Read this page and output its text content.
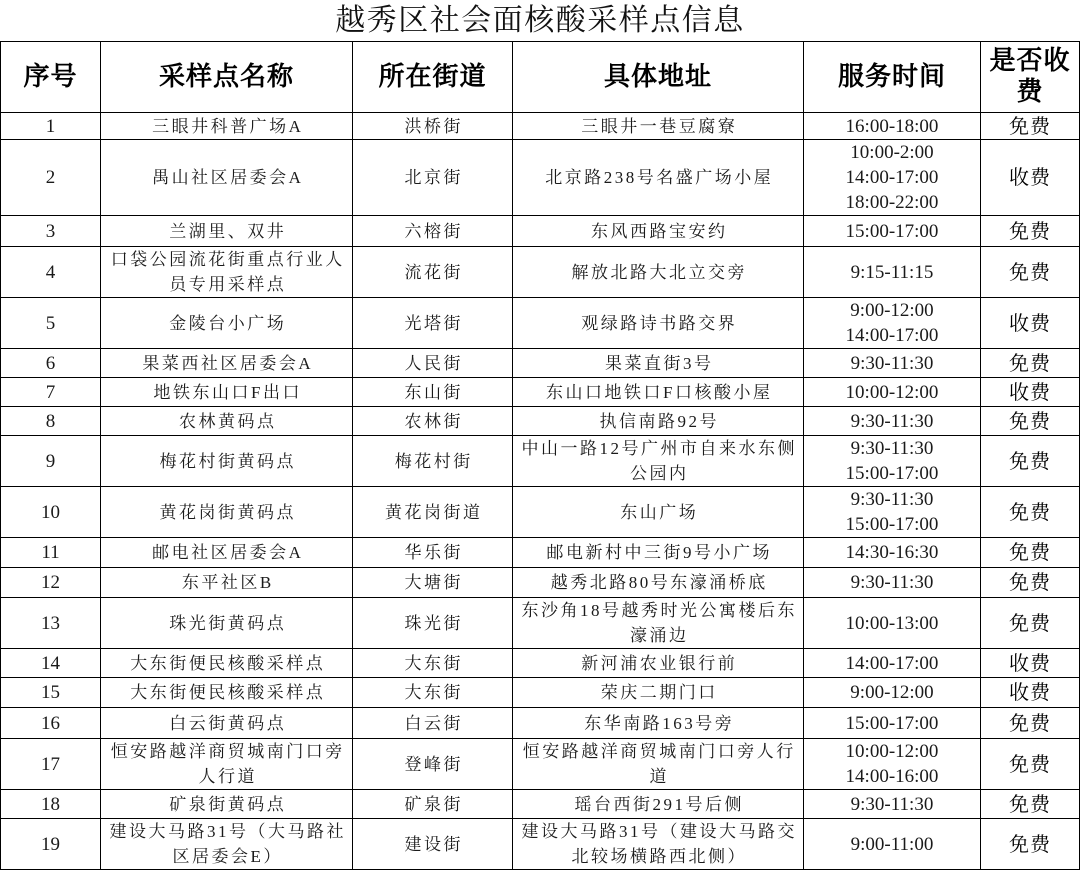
越秀区社会面核酸采样点信息
序号	采样点名称	所在街道	具体地址	服务时间	是否收费
1	三眼井科普广场A	洪桥街	三眼井一巷豆腐寮	16:00-18:00	免费
2	禺山社区居委会A	北京街	北京路238号名盛广场小屋	10:00-2:00
14:00-17:00
18:00-22:00	收费
3	兰湖里、双井	六榕街	东风西路宝安约	15:00-17:00	免费
4	口袋公园流花街重点行业人员专用采样点	流花街	解放北路大北立交旁	9:15-11:15	免费
5	金陵台小广场	光塔街	观绿路诗书路交界	9:00-12:00
14:00-17:00	收费
6	果菜西社区居委会A	人民街	果菜直街3号	9:30-11:30	免费
7	地铁东山口F出口	东山街	东山口地铁口F口核酸小屋	10:00-12:00	收费
8	农林黄码点	农林街	执信南路92号	9:30-11:30	免费
9	梅花村街黄码点	梅花村街	中山一路12号广州市自来水东侧公园内	9:30-11:30
15:00-17:00	免费
10	黄花岗街黄码点	黄花岗街道	东山广场	9:30-11:30
15:00-17:00	免费
11	邮电社区居委会A	华乐街	邮电新村中三街9号小广场	14:30-16:30	免费
12	东平社区B	大塘街	越秀北路80号东濠涌桥底	9:30-11:30	免费
13	珠光街黄码点	珠光街	东沙角18号越秀时光公寓楼后东濠涌边	10:00-13:00	免费
14	大东街便民核酸采样点	大东街	新河浦农业银行前	14:00-17:00	收费
15	大东街便民核酸采样点	大东街	荣庆二期门口	9:00-12:00	收费
16	白云街黄码点	白云街	东华南路163号旁	15:00-17:00	免费
17	恒安路越洋商贸城南门口旁人行道	登峰街	恒安路越洋商贸城南门口旁人行道	10:00-12:00
14:00-16:00	免费
18	矿泉街黄码点	矿泉街	瑶台西街291号后侧	9:30-11:30	免费
19	建设大马路31号（大马路社区居委会E）	建设街	建设大马路31号（建设大马路交北较场横路西北侧）	9:00-11:00	免费
